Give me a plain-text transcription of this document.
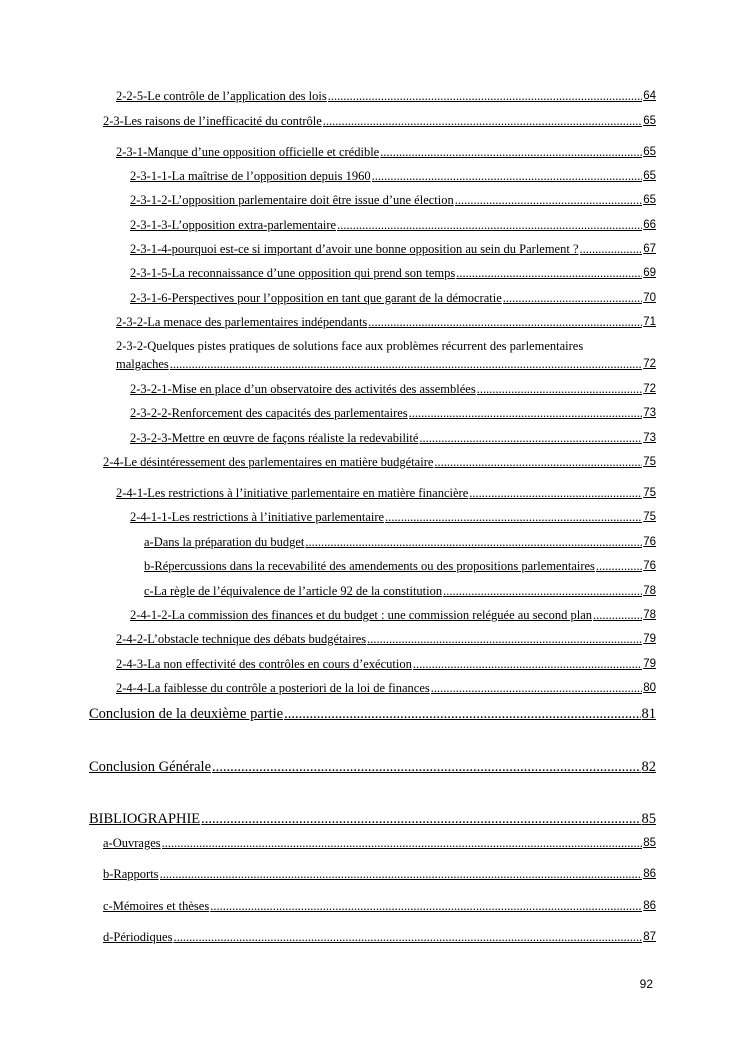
2-2-5-Le contrôle de l’application des lois .....	64
2-3-Les raisons de l’inefficacité du contrôle .....	65
2-3-1-Manque d’une opposition officielle et crédible .....	65
2-3-1-1-La maîtrise de l’opposition depuis 1960 .....	65
2-3-1-2-L’opposition parlementaire doit être issue d’une élection .....	65
2-3-1-3-L’opposition extra-parlementaire .....	66
2-3-1-4-pourquoi est-ce si important d’avoir une bonne opposition au sein du Parlement ? .....	67
2-3-1-5-La reconnaissance d’une opposition qui prend son temps .....	69
2-3-1-6-Perspectives pour l’opposition en tant que garant de la démocratie .....	70
2-3-2-La menace des parlementaires indépendants .....	71
2-3-2-Quelques pistes pratiques de solutions face aux problèmes récurrent des parlementaires
malgaches .....	72
2-3-2-1-Mise en place d’un observatoire des activités des assemblées .....	72
2-3-2-2-Renforcement des capacités des parlementaires .....	73
2-3-2-3-Mettre en œuvre de façons réaliste la redevabilité .....	73
2-4-Le désintéressement des parlementaires en matière budgétaire .....	75
2-4-1-Les restrictions à l’initiative parlementaire en matière financière .....	75
2-4-1-1-Les restrictions à l’initiative parlementaire .....	75
a-Dans la préparation du budget .....	76
b-Répercussions dans la recevabilité des amendements ou des propositions parlementaires .....	76
c-La règle de l’équivalence de l’article 92 de la constitution .....	78
2-4-1-2-La commission des finances et du budget : une commission reléguée au second plan .....	78
2-4-2-L’obstacle technique des débats budgétaires .....	79
2-4-3-La non effectivité des contrôles en cours d’exécution .....	79
2-4-4-La faiblesse du contrôle a posteriori de la loi de finances .....	80
Conclusion de la deuxième partie .....	81
Conclusion Générale .....	82
BIBLIOGRAPHIE .....	85
a-Ouvrages .....	85
b-Rapports .....	86
c-Mémoires et thèses .....	86
d-Périodiques .....	87
92
